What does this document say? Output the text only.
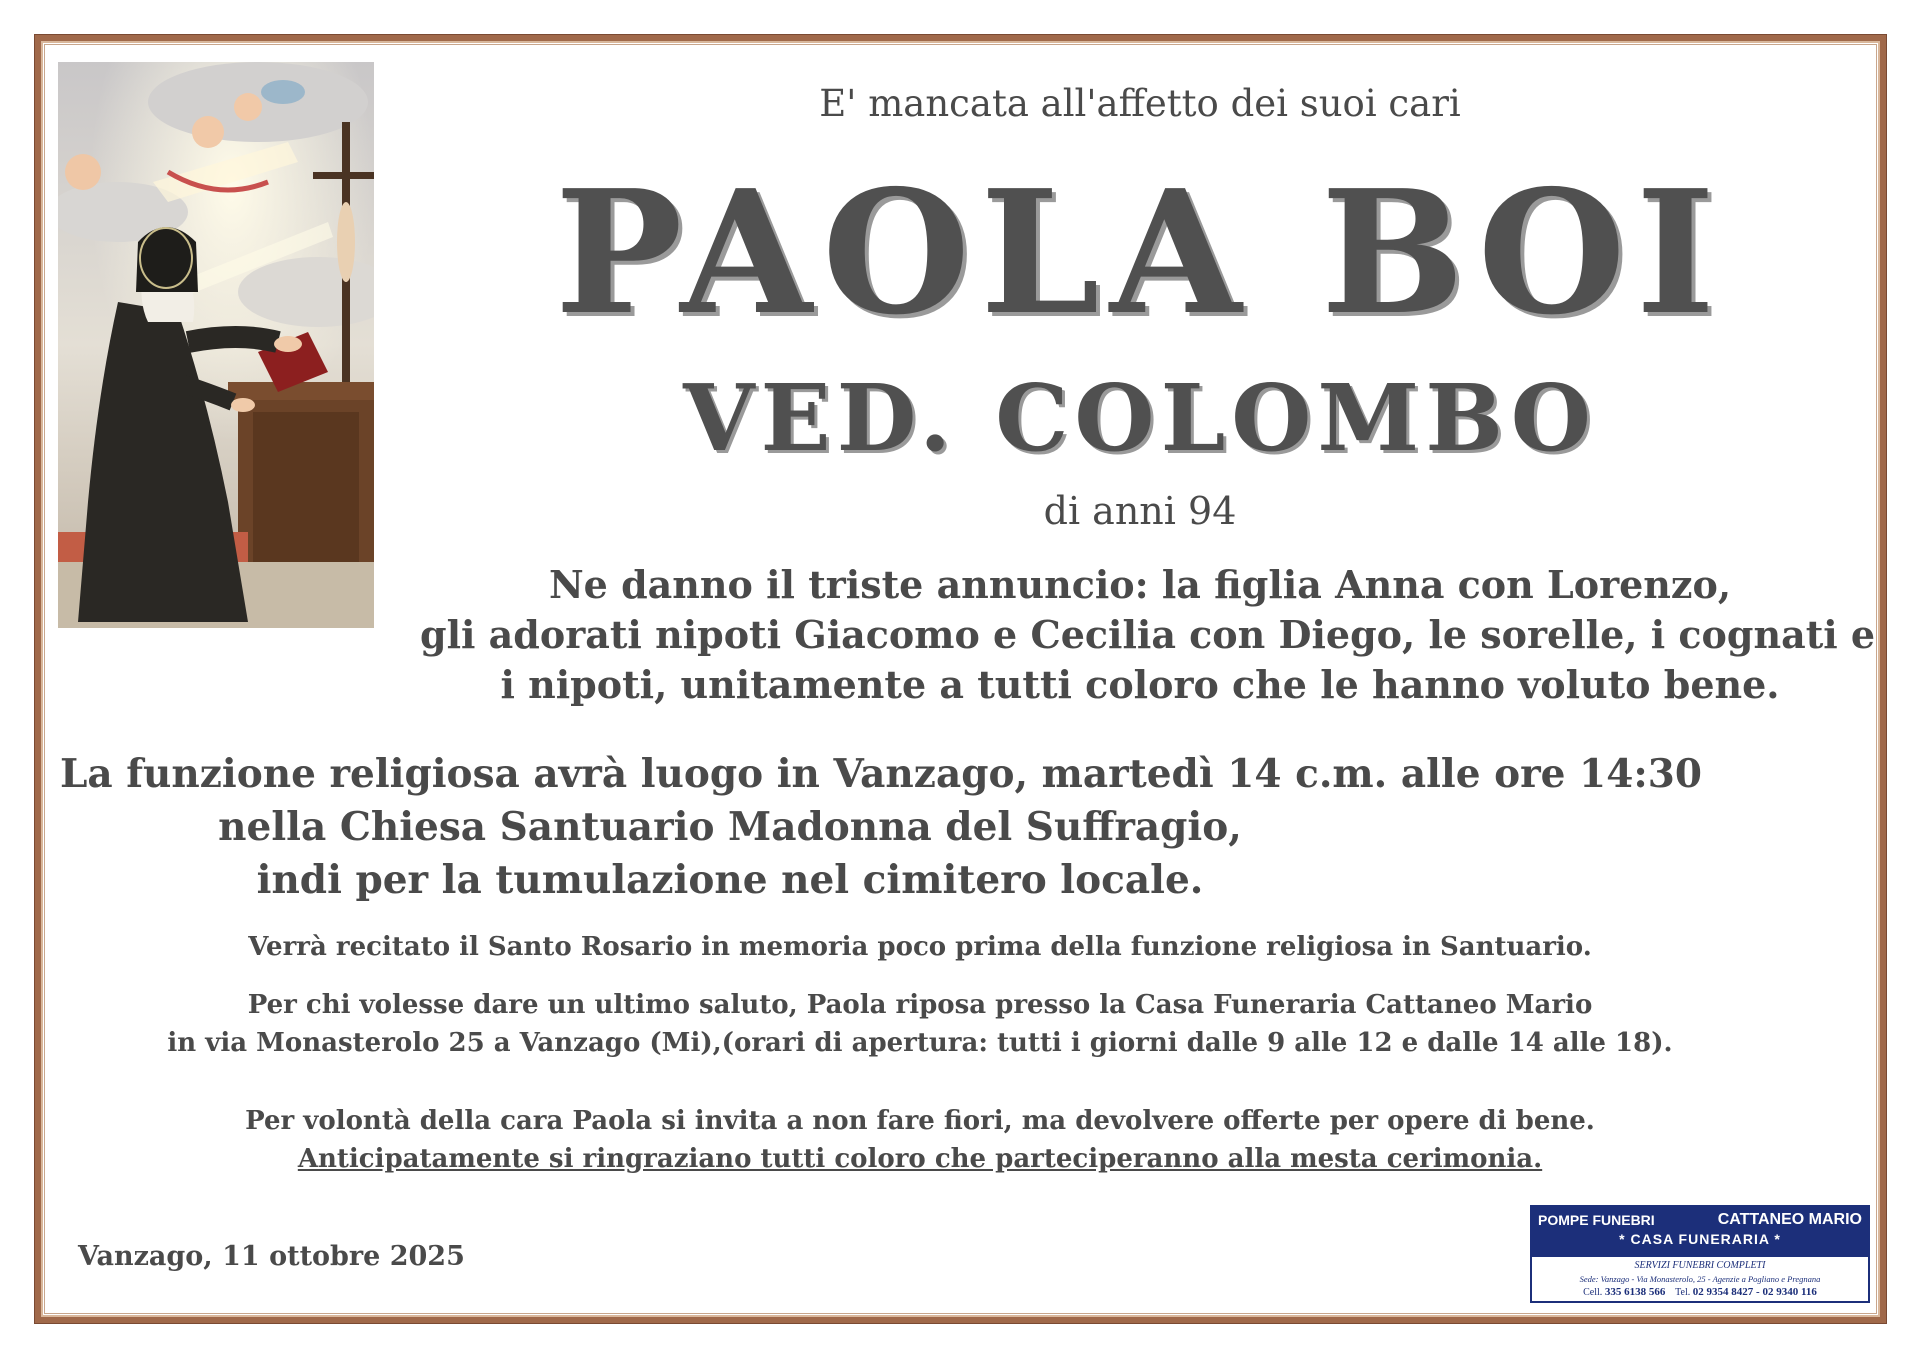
E' mancata all'affetto dei suoi cari
PAOLA BOI
VED. COLOMBO
di anni 94
Ne danno il triste annuncio: la figlia Anna con Lorenzo,
gli adorati nipoti Giacomo e Cecilia con Diego, le sorelle, i cognati e
i nipoti, unitamente a tutti coloro che le hanno voluto bene.
La funzione religiosa avrà luogo in Vanzago, martedì 14 c.m. alle ore 14:30
nella Chiesa Santuario Madonna del Suffragio,
indi per la tumulazione nel cimitero locale.
Verrà recitato il Santo Rosario in memoria poco prima della funzione religiosa in Santuario.
Per chi volesse dare un ultimo saluto, Paola riposa presso la Casa Funeraria Cattaneo Mario
in via Monasterolo 25 a Vanzago (Mi),(orari di apertura: tutti i giorni dalle 9 alle 12 e dalle 14 alle 18).
Per volontà della cara Paola si invita a non fare fiori, ma devolvere offerte per opere di bene.
Anticipatamente si ringraziano tutti coloro che parteciperanno alla mesta cerimonia.
Vanzago, 11 ottobre 2025
POMPE FUNEBRI	CATTANEO MARIO
* CASA FUNERARIA *
SERVIZI FUNEBRI COMPLETI
Sede: Vanzago - Via Monasterolo, 25 - Agenzie a Pogliano e Pregnana
Cell. 335 6138 566 Tel. 02 9354 8427 - 02 9340 116
